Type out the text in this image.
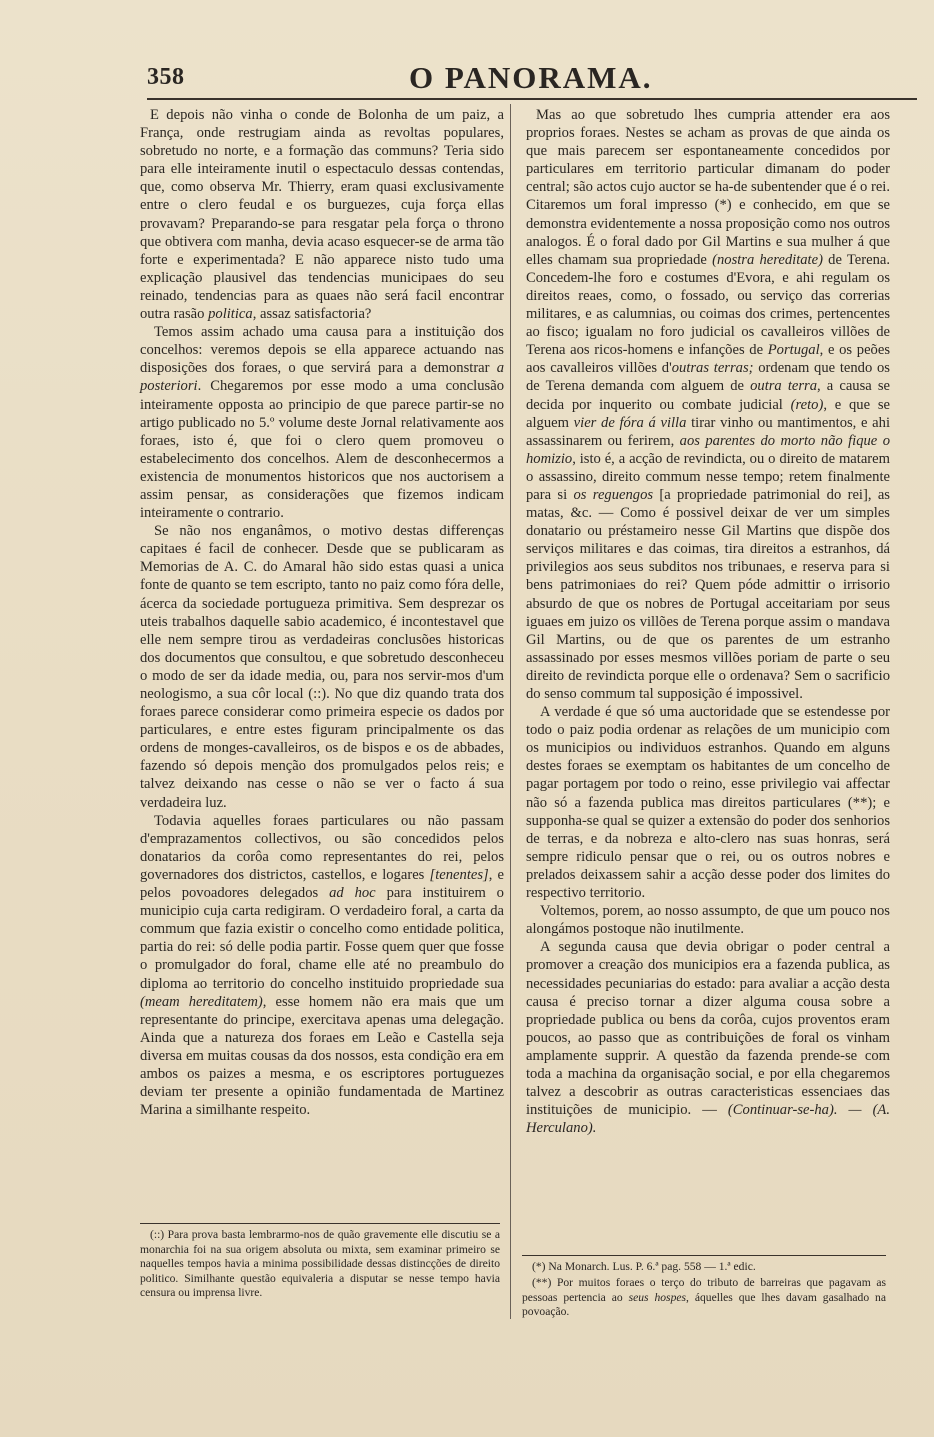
358	O PANORAMA.

E depois não vinha o conde de Bolonha de um paiz, a França, onde restrugiam ainda as revoltas populares, sobretudo no norte, e a formação das communs? Teria sido para elle inteiramente inutil o espectaculo dessas contendas, que, como observa Mr. Thierry, eram quasi exclusivamente entre o clero feudal e os burguezes, cuja força ellas provavam? Preparando-se para resgatar pela força o throno que obtivera com manha, devia acaso esquecer-se de arma tão forte e experimentada? E não apparece nisto tudo uma explicação plausivel das tendencias municipaes do seu reinado, tendencias para as quaes não será facil encontrar outra rasão politica, assaz satisfactoria?

Temos assim achado uma causa para a instituição dos concelhos: veremos depois se ella apparece actuando nas disposições dos foraes, o que servirá para a demonstrar a posteriori. Chegaremos por esse modo a uma conclusão inteiramente opposta ao principio de que parece partir-se no artigo publicado no 5.º volume deste Jornal relativamente aos foraes, isto é, que foi o clero quem promoveu o estabelecimento dos concelhos. Alem de desconhecermos a existencia de monumentos historicos que nos auctorisem a assim pensar, as considerações que fizemos indicam inteiramente o contrario.

Se não nos enganâmos, o motivo destas differenças capitaes é facil de conhecer. Desde que se publicaram as Memorias de A. C. do Amaral hão sido estas quasi a unica fonte de quanto se tem escripto, tanto no paiz como fóra delle, ácerca da sociedade portugueza primitiva. Sem desprezar os uteis trabalhos daquelle sabio academico, é incontestavel que elle nem sempre tirou as verdadeiras conclusões historicas dos documentos que consultou, e que sobretudo desconheceu o modo de ser da idade media, ou, para nos servir-mos d'um neologismo, a sua côr local (::). No que diz quando trata dos foraes parece considerar como primeira especie os dados por particulares, e entre estes figuram principalmente os das ordens de monges-cavalleiros, os de bispos e os de abbades, fazendo só depois menção dos promulgados pelos reis; e talvez deixando nas cesse o não se ver o facto á sua verdadeira luz.

Todavia aquelles foraes particulares ou não passam d'emprazamentos collectivos, ou são concedidos pelos donatarios da corôa como representantes do rei, pelos governadores dos districtos, castellos, e logares [tenentes], e pelos povoadores delegados ad hoc para instituirem o municipio cuja carta redigiram. O verdadeiro foral, a carta da commum que fazia existir o concelho como entidade politica, partia do rei: só delle podia partir. Fosse quem quer que fosse o promulgador do foral, chame elle até no preambulo do diploma ao territorio do concelho instituido propriedade sua (meam hereditatem), esse homem não era mais que um representante do principe, exercitava apenas uma delegação. Ainda que a natureza dos foraes em Leão e Castella seja diversa em muitas cousas da dos nossos, esta condição era em ambos os paizes a mesma, e os escriptores portuguezes deviam ter presente a opinião fundamentada de Martinez Marina a similhante respeito.

Mas ao que sobretudo lhes cumpria attender era aos proprios foraes. Nestes se acham as provas de que ainda os que mais parecem ser espontaneamente concedidos por particulares em territorio particular dimanam do poder central; são actos cujo auctor se ha-de subentender que é o rei. Citaremos um foral impresso (*) e conhecido, em que se demonstra evidentemente a nossa proposição como nos outros analogos. É o foral dado por Gil Martins e sua mulher á que elles chamam sua propriedade (nostra hereditate) de Terena. Concedem-lhe foro e costumes d'Evora, e ahi regulam os direitos reaes, como, o fossado, ou serviço das correrias militares, e as calumnias, ou coimas dos crimes, pertencentes ao fisco; igualam no foro judicial os cavalleiros villões de Terena aos ricos-homens e infanções de Portugal, e os peões aos cavalleiros villões d'outras terras; ordenam que tendo os de Terena demanda com alguem de outra terra, a causa se decida por inquerito ou combate judicial (reto), e que se alguem vier de fóra á villa tirar vinho ou mantimentos, e ahi assassinarem ou ferirem, aos parentes do morto não fique o homizio, isto é, a acção de revindicta, ou o direito de matarem o assassino, direito commum nesse tempo; retem finalmente para si os reguengos [a propriedade patrimonial do rei], as matas, &c. — Como é possivel deixar de ver um simples donatario ou préstameiro nesse Gil Martins que dispõe dos serviços militares e das coimas, tira direitos a estranhos, dá privilegios aos seus subditos nos tribunaes, e reserva para si bens patrimoniaes do rei? Quem póde admittir o irrisorio absurdo de que os nobres de Portugal acceitariam por seus iguaes em juizo os villões de Terena porque assim o mandava Gil Martins, ou de que os parentes de um estranho assassinado por esses mesmos villões poriam de parte o seu direito de revindicta porque elle o ordenava? Sem o sacrificio do senso commum tal supposição é impossivel.

A verdade é que só uma auctoridade que se estendesse por todo o paiz podia ordenar as relações de um municipio com os municipios ou individuos estranhos. Quando em alguns destes foraes se exemptam os habitantes de um concelho de pagar portagem por todo o reino, esse privilegio vai affectar não só a fazenda publica mas direitos particulares (**); e supponha-se qual se quizer a extensão do poder dos senhorios de terras, e da nobreza e alto-clero nas suas honras, será sempre ridiculo pensar que o rei, ou os outros nobres e prelados deixassem sahir a acção desse poder dos limites do respectivo territorio.

Voltemos, porem, ao nosso assumpto, de que um pouco nos alongámos postoque não inutilmente.

A segunda causa que devia obrigar o poder central a promover a creação dos municipios era a fazenda publica, as necessidades pecuniarias do estado: para avaliar a acção desta causa é preciso tornar a dizer alguma cousa sobre a propriedade publica ou bens da corôa, cujos proventos eram poucos, ao passo que as contribuições de foral os vinham amplamente supprir. A questão da fazenda prende-se com toda a machina da organisação social, e por ella chegaremos talvez a descobrir as outras caracteristicas essenciaes das instituições de municipio. — (Continuar-se-ha). — (A. Herculano).

(::) Para prova basta lembrarmo-nos de quão gravemente elle discutiu se a monarchia foi na sua origem absoluta ou mixta, sem examinar primeiro se naquelles tempos havia a minima possibilidade dessas distincções de direito politico. Similhante questão equivaleria a disputar se nesse tempo havia censura ou imprensa livre.

(*) Na Monarch. Lus. P. 6.ª pag. 558 — 1.ª edic.

(**) Por muitos foraes o terço do tributo de barreiras que pagavam as pessoas pertencia ao seus hospes, áquelles que lhes davam gasalhado na povoação.
